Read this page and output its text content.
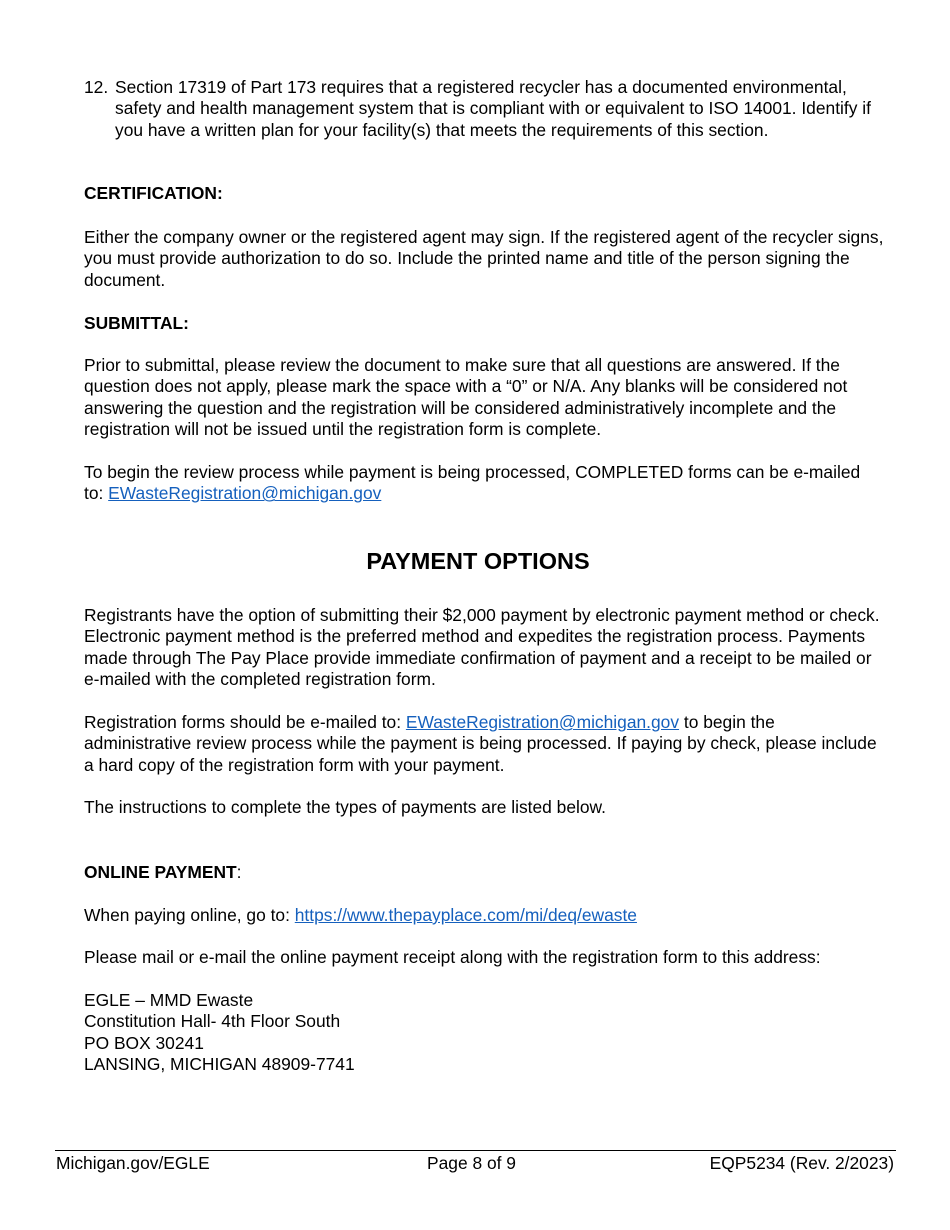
12. Section 17319 of Part 173 requires that a registered recycler has a documented environmental, safety and health management system that is compliant with or equivalent to ISO 14001. Identify if you have a written plan for your facility(s) that meets the requirements of this section.

CERTIFICATION:

Either the company owner or the registered agent may sign. If the registered agent of the recycler signs, you must provide authorization to do so. Include the printed name and title of the person signing the document.

SUBMITTAL:

Prior to submittal, please review the document to make sure that all questions are answered. If the question does not apply, please mark the space with a “0” or N/A. Any blanks will be considered not answering the question and the registration will be considered administratively incomplete and the registration will not be issued until the registration form is complete.

To begin the review process while payment is being processed, COMPLETED forms can be e-mailed to: EWasteRegistration@michigan.gov

PAYMENT OPTIONS

Registrants have the option of submitting their $2,000 payment by electronic payment method or check. Electronic payment method is the preferred method and expedites the registration process. Payments made through The Pay Place provide immediate confirmation of payment and a receipt to be mailed or e-mailed with the completed registration form.

Registration forms should be e-mailed to: EWasteRegistration@michigan.gov to begin the administrative review process while the payment is being processed. If paying by check, please include a hard copy of the registration form with your payment.

The instructions to complete the types of payments are listed below.

ONLINE PAYMENT:

When paying online, go to: https://www.thepayplace.com/mi/deq/ewaste

Please mail or e-mail the online payment receipt along with the registration form to this address:

EGLE – MMD Ewaste
Constitution Hall- 4th Floor South
PO BOX 30241
LANSING, MICHIGAN 48909-7741
Michigan.gov/EGLE	Page 8 of 9	EQP5234 (Rev. 2/2023)
